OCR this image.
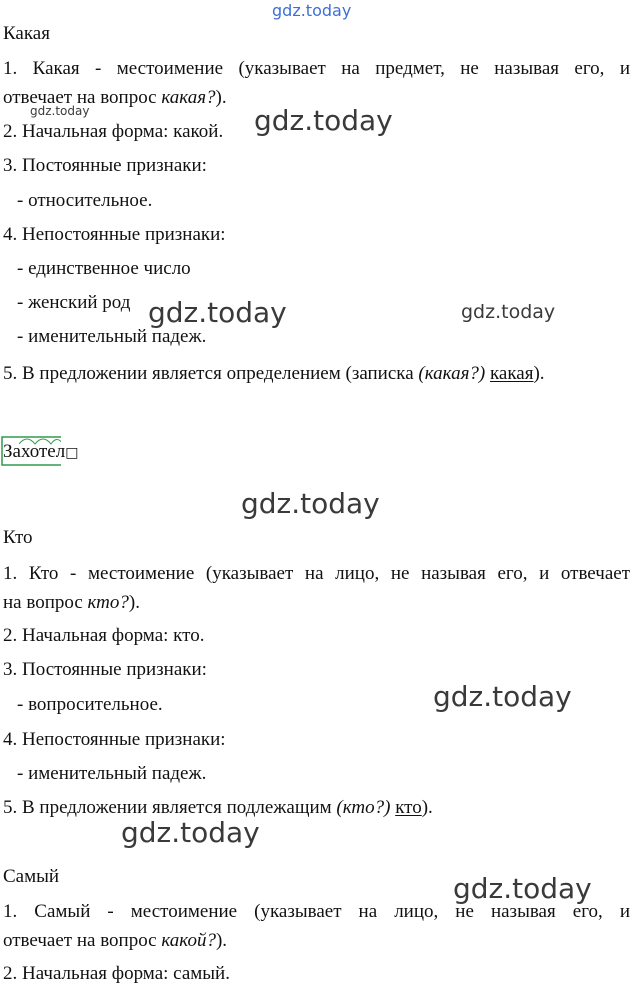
Какая
1. Какая - местоимение (указывает на предмет, не называя его, и
отвечает на вопрос какая?).
2. Начальная форма: какой.
3. Постоянные признаки:
- относительное.
4. Непостоянные признаки:
- единственное число
- женский род
- именительный падеж.
5. В предложении является определением (записка (какая?) какая).
Захотел□
Кто
1. Кто - местоимение (указывает на лицо, не называя его, и отвечает
на вопрос кто?).
2. Начальная форма: кто.
3. Постоянные признаки:
- вопросительное.
4. Непостоянные признаки:
- именительный падеж.
5. В предложении является подлежащим (кто?) кто).
Самый
1. Самый - местоимение (указывает на лицо, не называя его, и
отвечает на вопрос какой?).
2. Начальная форма: самый.
gdz.today
gdz.today	gdz.today
gdz.today	gdz.today
gdz.today
gdz.today
gdz.today
gdz.today
